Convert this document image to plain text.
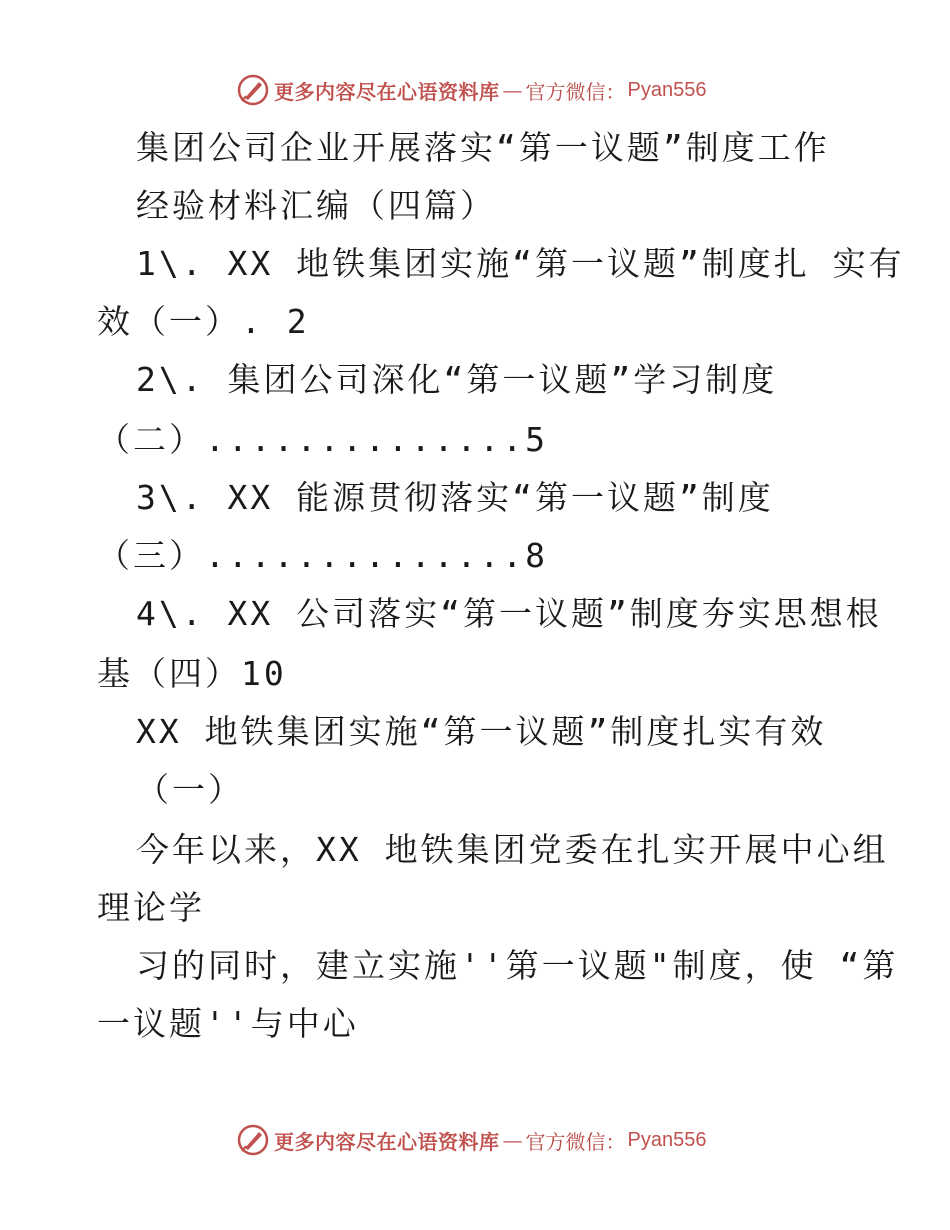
更多内容尽在心语资料库 — 官方微信： Pyan556
集团公司企业开展落实“第一议题”制度工作
经验材料汇编（四篇）
1\. XX 地铁集团实施“第一议题”制度扎 实有
效（一）. 2
2\. 集团公司深化“第一议题”学习制度
（二）..............5
3\. XX 能源贯彻落实“第一议题”制度
（三）..............8
4\. XX 公司落实“第一议题”制度夯实思想根
基（四）10
XX 地铁集团实施“第一议题”制度扎实有效
（一）
今年以来，XX 地铁集团党委在扎实开展中心组
理论学
习的同时，建立实施''第一议题"制度，使 “第
一议题''与中心
更多内容尽在心语资料库 — 官方微信： Pyan556
